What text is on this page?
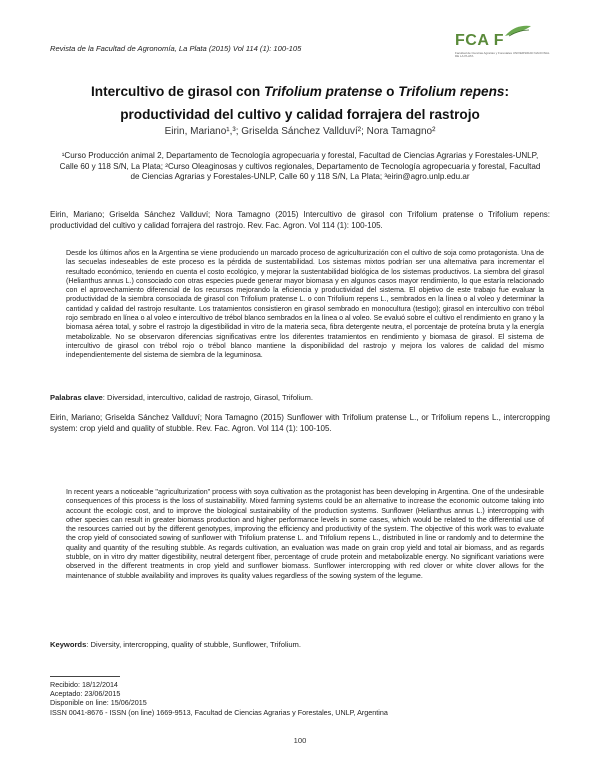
Revista de la Facultad de Agronomía, La Plata (2015) Vol 114 (1): 100-105	FCA F
Facultad de Ciencias Agrarias y Forestales UNIVERSIDAD NACIONAL DE LA PLATA
Intercultivo de girasol con Trifolium pratense o Trifolium repens:
productividad del cultivo y calidad forrajera del rastrojo
Eirin, Mariano¹,³; Griselda Sánchez Vallduví²; Nora Tamagno²
¹Curso Producción animal 2, Departamento de Tecnología agropecuaria y forestal, Facultad de Ciencias Agrarias y Forestales-UNLP, Calle 60 y 118 S/N, La Plata; ²Curso Oleaginosas y cultivos regionales, Departamento de Tecnología agropecuaria y forestal, Facultad de Ciencias Agrarias y Forestales-UNLP, Calle 60 y 118 S/N, La Plata; ³eirin@agro.unlp.edu.ar
Eirin, Mariano; Griselda Sánchez Vallduví; Nora Tamagno (2015) Intercultivo de girasol con Trifolium pratense o Trifolium repens: productividad del cultivo y calidad forrajera del rastrojo. Rev. Fac. Agron. Vol 114 (1): 100-105.
Desde los últimos años en la Argentina se viene produciendo un marcado proceso de agriculturización con el cultivo de soja como protagonista. Una de las secuelas indeseables de este proceso es la pérdida de sustentabilidad. Los sistemas mixtos podrían ser una alternativa para incrementar el resultado económico, teniendo en cuenta el costo ecológico, y mejorar la sustentabilidad biológica de los sistemas productivos. La siembra del girasol (Helianthus annus L.) consociado con otras especies puede generar mayor biomasa y en algunos casos mayor rendimiento, lo que estaría relacionado con el aprovechamiento diferencial de los recursos mejorando la eficiencia y productividad del sistema. El objetivo de este trabajo fue evaluar la productividad de la siembra consociada de girasol con Trifolium pratense L. o con Trifolium repens L., sembrados en la línea o al voleo y determinar la cantidad y calidad del rastrojo resultante. Los tratamientos consistieron en girasol sembrado en monocultura (testigo); girasol en intercultivo con trébol rojo sembrado en línea o al voleo e intercultivo de trébol blanco sembrados en la línea o al voleo. Se evaluó sobre el cultivo el rendimiento en grano y la biomasa aérea total, y sobre el rastrojo la digestibilidad in vitro de la materia seca, fibra detergente neutra, el porcentaje de proteína bruta y la energía metabolizable. No se observaron diferencias significativas entre los diferentes tratamientos en rendimiento y biomasa de girasol. El sistema de intercultivo de girasol con trébol rojo o trébol blanco mantiene la disponibilidad del rastrojo y mejora los valores de calidad del mismo independientemente del sistema de siembra de la leguminosa.
Palabras clave: Diversidad, intercultivo, calidad de rastrojo, Girasol, Trifolium.
Eirin, Mariano; Griselda Sánchez Vallduví; Nora Tamagno (2015) Sunflower with Trifolium pratense L., or Trifolium repens L., intercropping system: crop yield and quality of stubble. Rev. Fac. Agron. Vol 114 (1): 100-105.
In recent years a noticeable "agriculturization" process with soya cultivation as the protagonist has been developing in Argentina. One of the undesirable consequences of this process is the loss of sustainability. Mixed farming systems could be an alternative to increase the economic outcome taking into account the ecologic cost, and to improve the biological sustainability of the production systems. Sunflower (Helianthus annus L.) intercropping with other species can result in greater biomass production and higher performance levels in some cases, which would be related to the differential use of the resources carried out by the different genotypes, improving the efficiency and productivity of the system. The objective of this work was to evaluate the crop yield of consociated sowing of sunflower with Trifolium pratense L. and Trifolium repens L., distributed in line or randomly and to determine the quality and quantity of the resulting stubble. As regards cultivation, an evaluation was made on grain crop yield and total air biomass, and as regards stubble, on in vitro dry matter digestibility, neutral detergent fiber, percentage of crude protein and metabolizable energy. No significant variations were observed in the different treatments in crop yield and sunflower biomass. Sunflower intercropping with red clover or white clover allows for the maintenance of stubble availability and improves its quality values regardless of the sowing system of the legume.
Keywords: Diversity, intercropping, quality of stubble, Sunflower, Trifolium.
Recibido: 18/12/2014
Aceptado: 23/06/2015
Disponible on line: 15/06/2015
ISSN 0041-8676 - ISSN (on line) 1669-9513, Facultad de Ciencias Agrarias y Forestales, UNLP, Argentina
100
